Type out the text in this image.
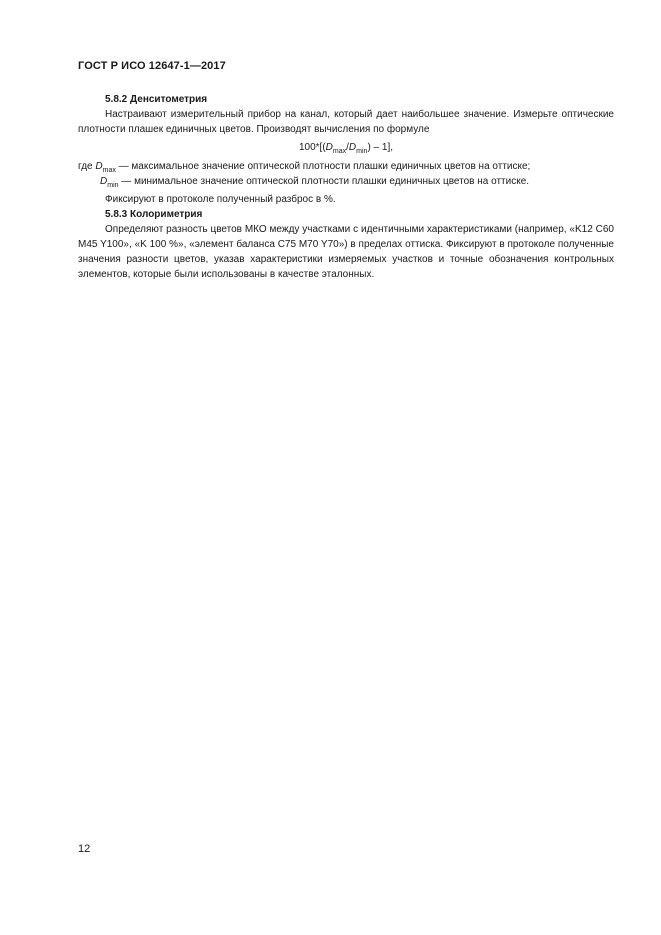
ГОСТ Р ИСО 12647-1—2017

5.8.2 Денситометрия

Настраивают измерительный прибор на канал, который дает наибольшее значение. Измерьте оптические плотности плашек единичных цветов. Производят вычисления по формуле

$100*[(D_{max}/D_{min}) - 1]$,

где $D_{max}$ — максимальное значение оптической плотности плашки единичных цветов на оттиске;

$D_{min}$ — минимальное значение оптической плотности плашки единичных цветов на оттиске.

Фиксируют в протоколе полученный разброс в %.

5.8.3 Колориметрия

Определяют разность цветов МКО между участками с идентичными характеристиками (например, «K12 C60 M45 Y100», «K 100 %», «элемент баланса C75 M70 Y70») в пределах оттиска. Фиксируют в протоколе полученные значения разности цветов, указав характеристики измеряемых участков и точные обозначения контрольных элементов, которые были использованы в качестве эталонных.

12
